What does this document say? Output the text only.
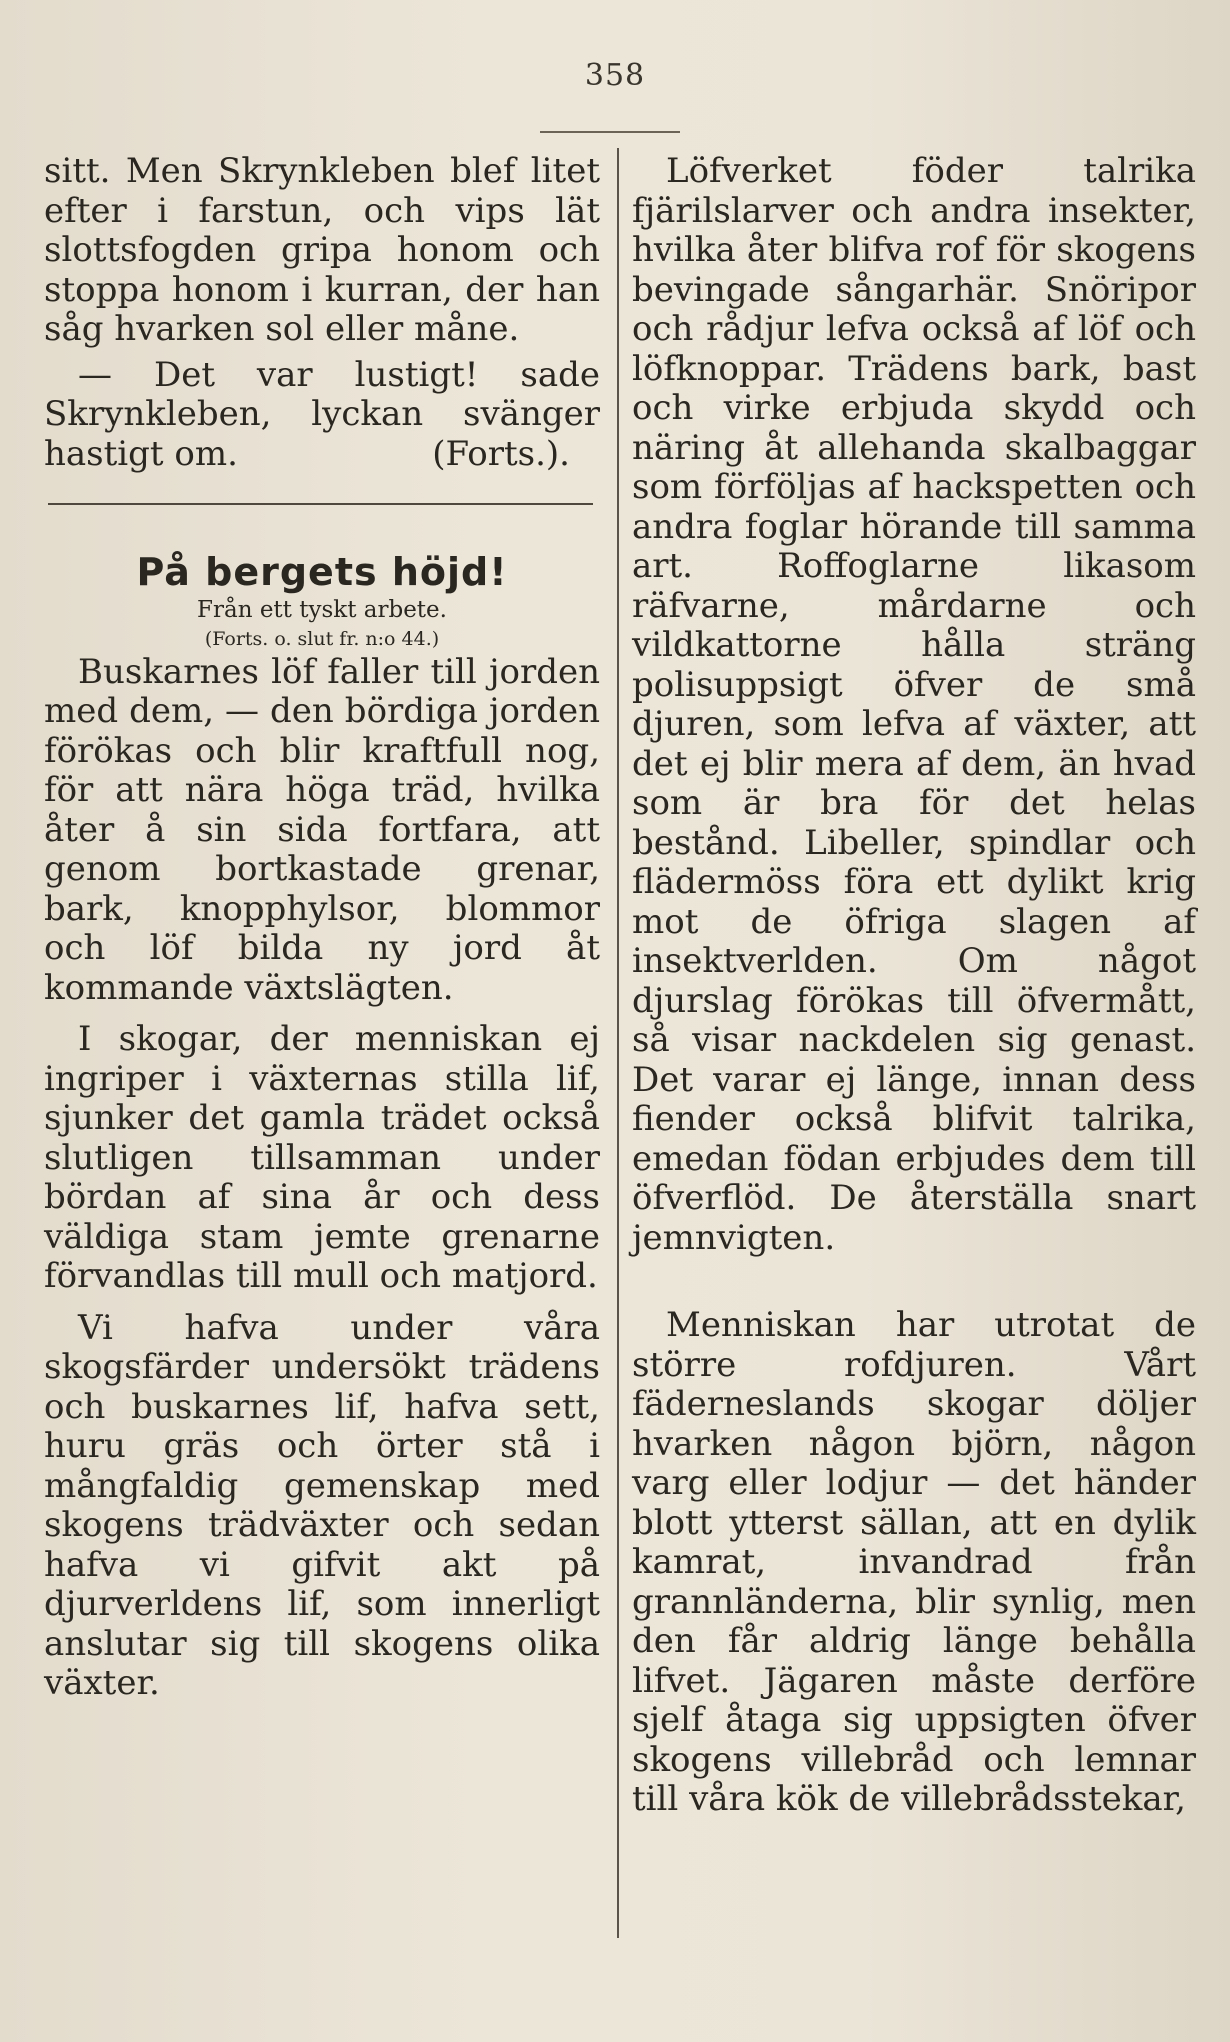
358

sitt. Men Skrynkleben blef litet efter i farstun, och vips lät slottsfogden gripa honom och stoppa honom i kurran, der han såg hvarken sol eller måne.

— Det var lustigt! sade Skrynkleben, lyckan svänger hastigt om.	(Forts.).

På bergets höjd!

Från ett tyskt arbete.

(Forts. o. slut fr. n:o 44.)

Buskarnes löf faller till jorden med dem, — den bördiga jorden förökas och blir kraftfull nog, för att nära höga träd, hvilka åter å sin sida fortfara, att genom bortkastade grenar, bark, knopphylsor, blommor och löf bilda ny jord åt kommande växtslägten.

I skogar, der menniskan ej ingriper i växternas stilla lif, sjunker det gamla trädet också slutligen tillsamman under bördan af sina år och dess väldiga stam jemte grenarne förvandlas till mull och matjord.

Vi hafva under våra skogsfärder undersökt trädens och buskarnes lif, hafva sett, huru gräs och örter stå i mångfaldig gemenskap med skogens trädväxter och sedan hafva vi gifvit akt på djurverldens lif, som innerligt anslutar sig till skogens olika växter.

Löfverket föder talrika fjärilslarver och andra insekter, hvilka åter blifva rof för skogens bevingade sångarhär. Snöripor och rådjur lefva också af löf och löfknoppar. Trädens bark, bast och virke erbjuda skydd och näring åt allehanda skalbaggar som förföljas af hackspetten och andra foglar hörande till samma art. Roffoglarne likasom räfvarne, mårdarne och vildkattorne hålla sträng polisuppsigt öfver de små djuren, som lefva af växter, att det ej blir mera af dem, än hvad som är bra för det helas bestånd. Libeller, spindlar och flädermöss föra ett dylikt krig mot de öfriga slagen af insektverlden. Om något djurslag förökas till öfvermått, så visar nackdelen sig genast. Det varar ej länge, innan dess fiender också blifvit talrika, emedan födan erbjudes dem till öfverflöd. De återställa snart jemnvigten.

Menniskan har utrotat de större rofdjuren. Vårt fäderneslands skogar döljer hvarken någon björn, någon varg eller lodjur — det händer blott ytterst sällan, att en dylik kamrat, invandrad från grannländerna, blir synlig, men den får aldrig länge behålla lifvet. Jägaren måste derföre sjelf åtaga sig uppsigten öfver skogens villebråd och lemnar till våra kök de villebrådsstekar,
